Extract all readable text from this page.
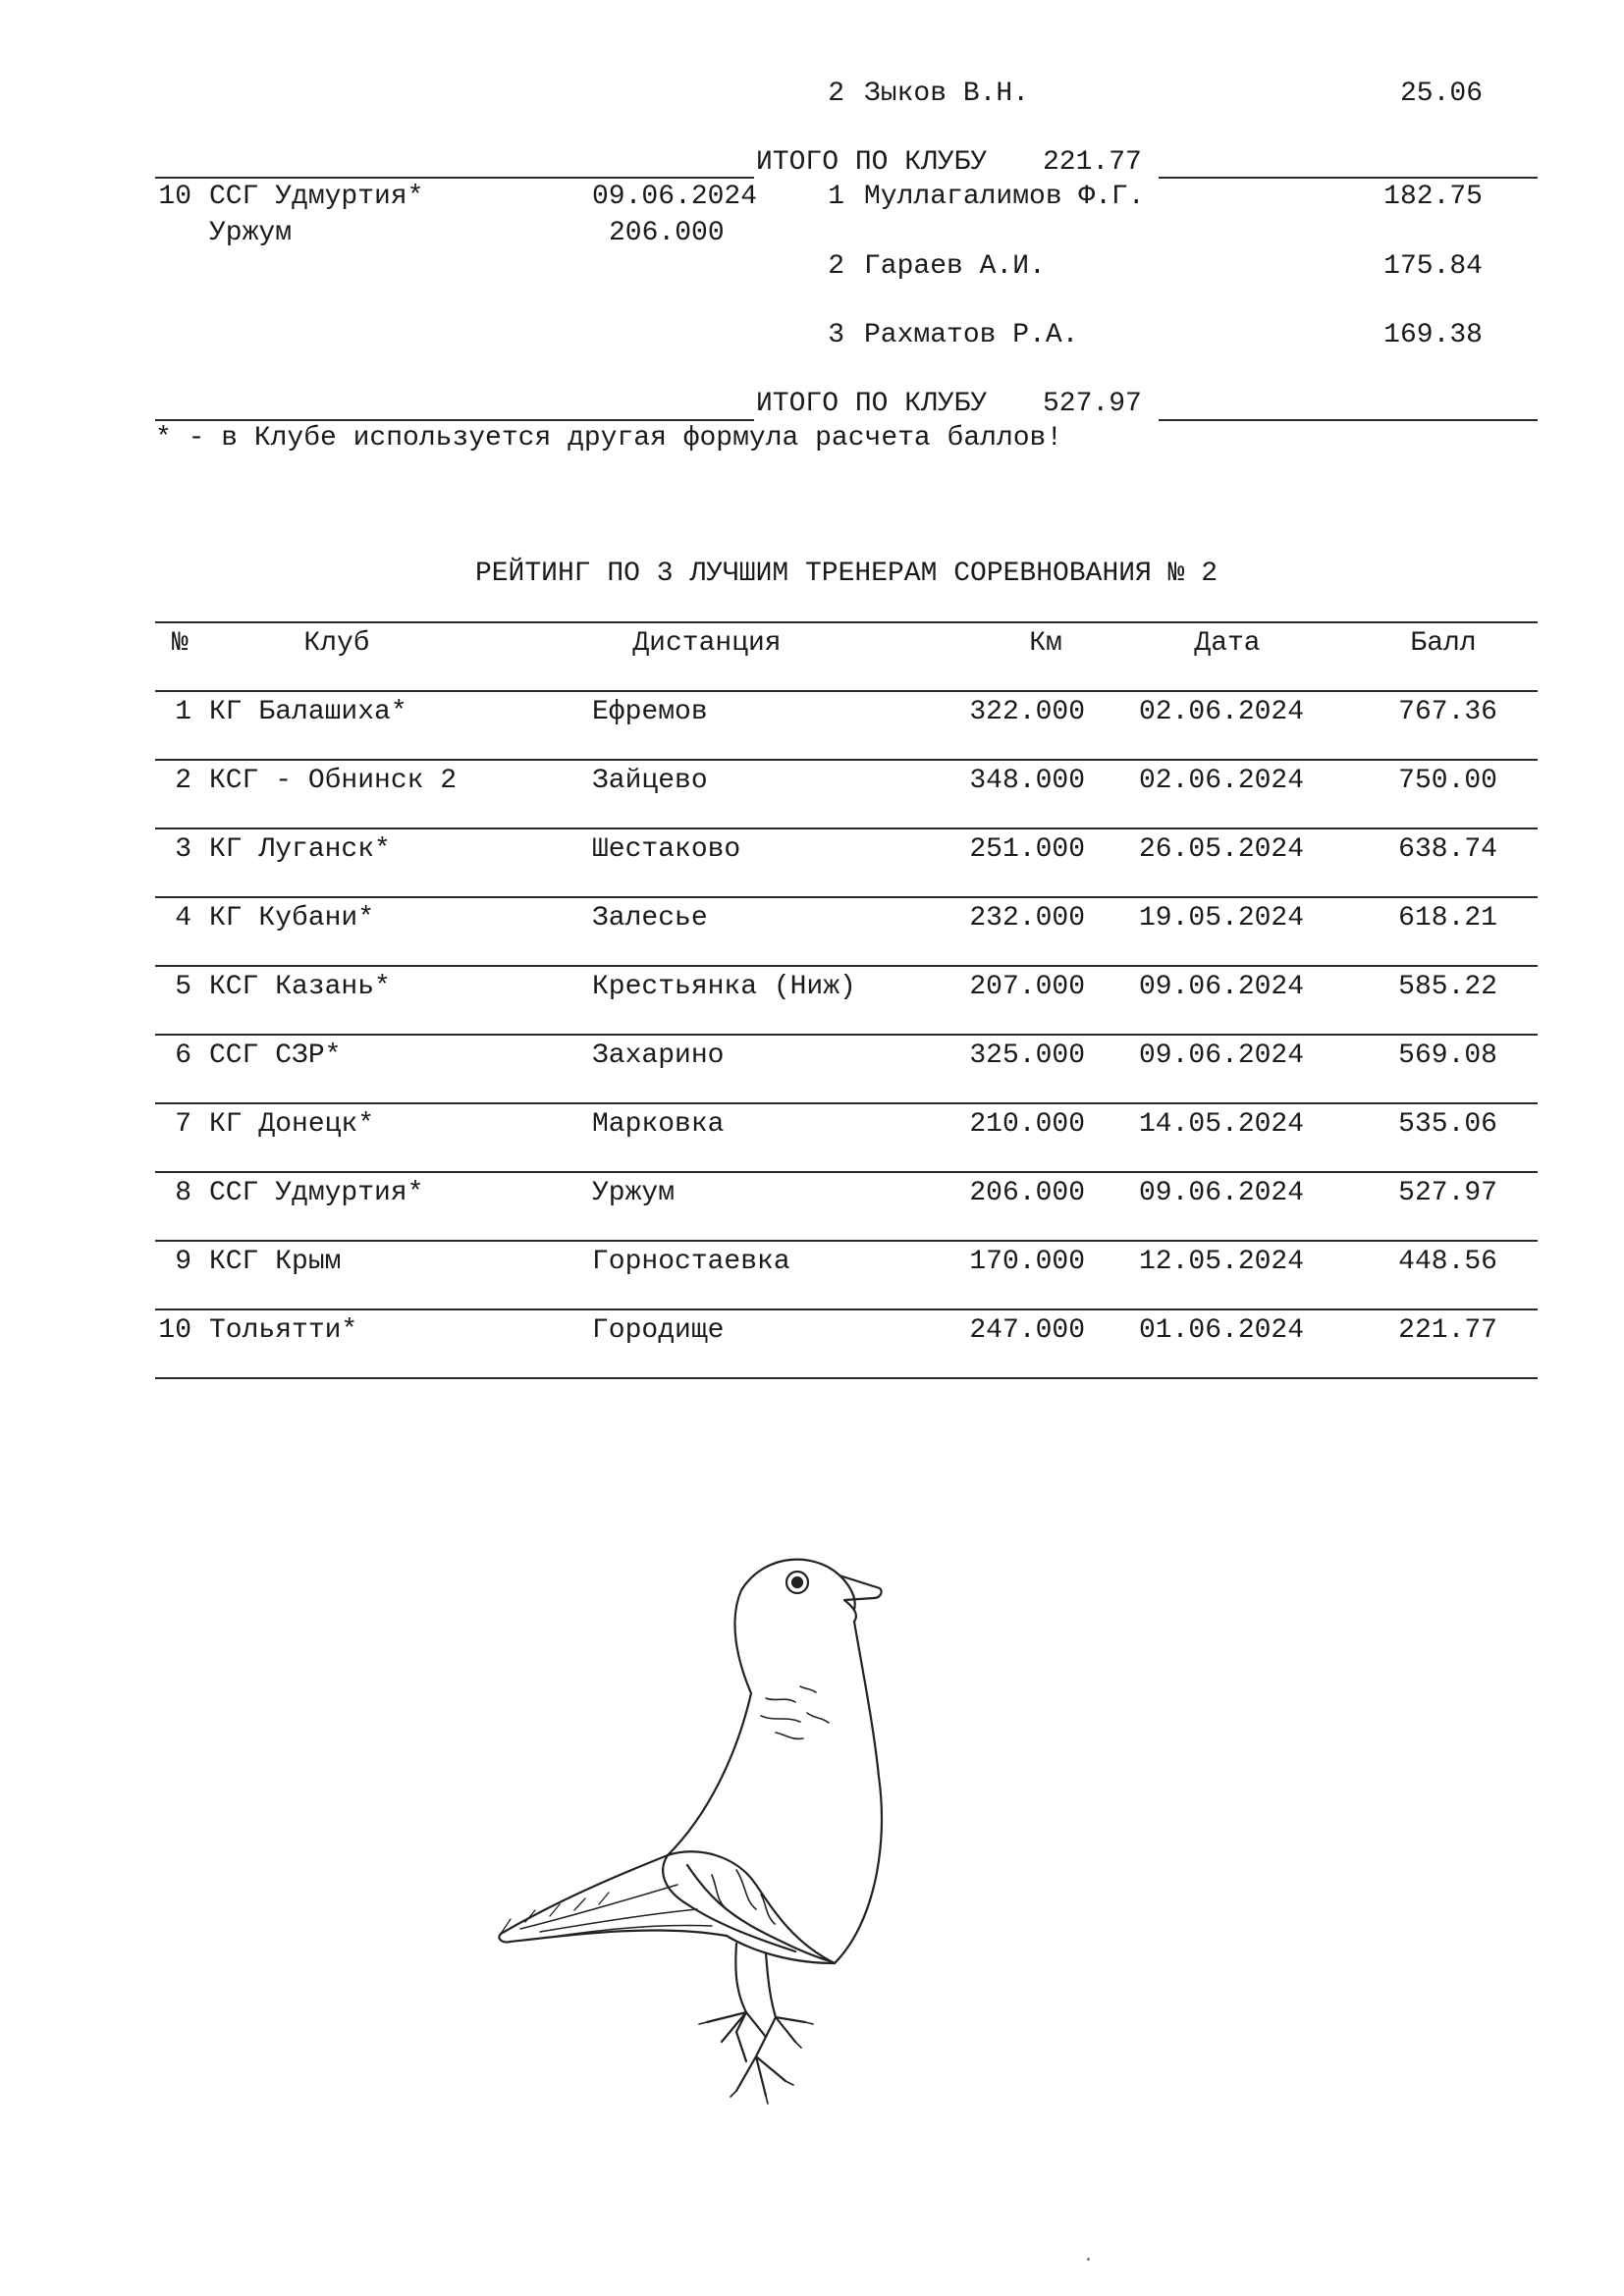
2 Зыков В.Н.	25.06
ИТОГО ПО КЛУБУ 221.77
10 ССГ Удмуртия*	09.06.2024
Уржум	206.000
1 Муллагалимов Ф.Г.	182.75
2 Гараев А.И.	175.84
3 Рахматов Р.А.	169.38
ИТОГО ПО КЛУБУ 527.97
* - в Клубе используется другая формула расчета баллов!
РЕЙТИНГ ПО 3 ЛУЧШИМ ТРЕНЕРАМ СОРЕВНОВАНИЯ № 2
№	Клуб	Дистанция	Км	Дата	Балл
1 КГ Балашиха*	Ефремов	322.000 02.06.2024	767.36
2 КСГ - Обнинск 2	Зайцево	348.000 02.06.2024	750.00
3 КГ Луганск*	Шестаково	251.000 26.05.2024	638.74
4 КГ Кубани*	Залесье	232.000 19.05.2024	618.21
5 КСГ Казань*	Крестьянка (Ниж)	207.000 09.06.2024	585.22
6 ССГ СЗР*	Захарино	325.000 09.06.2024	569.08
7 КГ Донецк*	Марковка	210.000 14.05.2024	535.06
8 ССГ Удмуртия*	Уржум	206.000 09.06.2024	527.97
9 КСГ Крым	Горностаевка	170.000 12.05.2024	448.56
10 Тольятти*	Городище	247.000 01.06.2024	221.77
